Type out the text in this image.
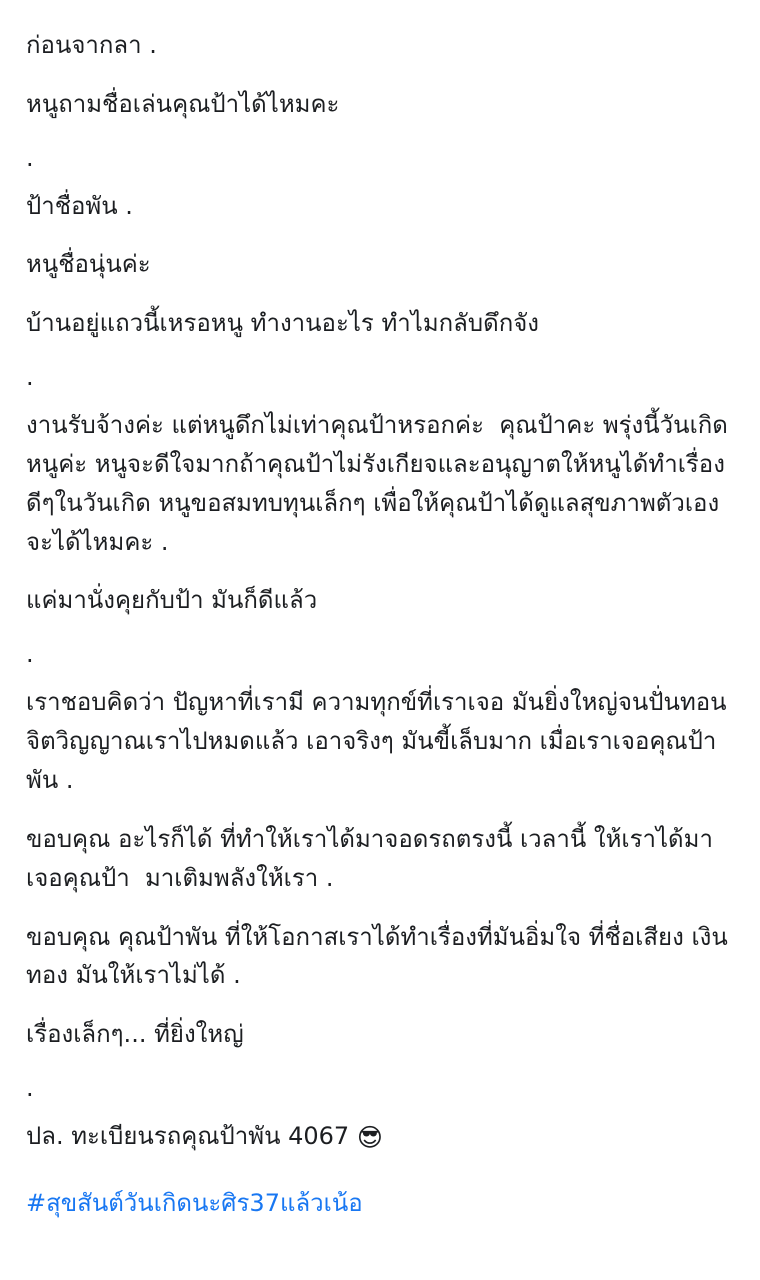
ก่อนจากลา .

หนูถามชื่อเล่นคุณป้าได้ไหมคะ

.

ป้าชื่อพัน .

หนูชื่อนุ่นค่ะ

บ้านอยู่แถวนี้เหรอหนู ทำงานอะไร ทำไมกลับดึกจัง

.

งานรับจ้างค่ะ แต่หนูดึกไม่เท่าคุณป้าหรอกค่ะ  คุณป้าคะ พรุ่งนี้วันเกิดหนูค่ะ หนูจะดีใจมากถ้าคุณป้าไม่รังเกียจและอนุญาตให้หนูได้ทำเรื่องดีๆในวันเกิด หนูขอสมทบทุนเล็กๆ เพื่อให้คุณป้าได้ดูแลสุขภาพตัวเองจะได้ไหมคะ .

แค่มานั่งคุยกับป้า มันก็ดีแล้ว

.

เราชอบคิดว่า ปัญหาที่เรามี ความทุกข์ที่เราเจอ มันยิ่งใหญ่จนปั่นทอนจิตวิญญาณเราไปหมดแล้ว เอาจริงๆ มันขี้เล็บมาก เมื่อเราเจอคุณป้าพัน .

ขอบคุณ อะไรก็ได้ ที่ทำให้เราได้มาจอดรถตรงนี้ เวลานี้ ให้เราได้มาเจอคุณป้า  มาเติมพลังให้เรา .

ขอบคุณ คุณป้าพัน ที่ให้โอกาสเราได้ทำเรื่องที่มันอิ่มใจ ที่ชื่อเสียง เงินทอง มันให้เราไม่ได้ .

เรื่องเล็กๆ... ที่ยิ่งใหญ่

.

ปล. ทะเบียนรถคุณป้าพัน 4067 😎

#สุขสันต์วันเกิดนะศิร37แล้วเน้อ
